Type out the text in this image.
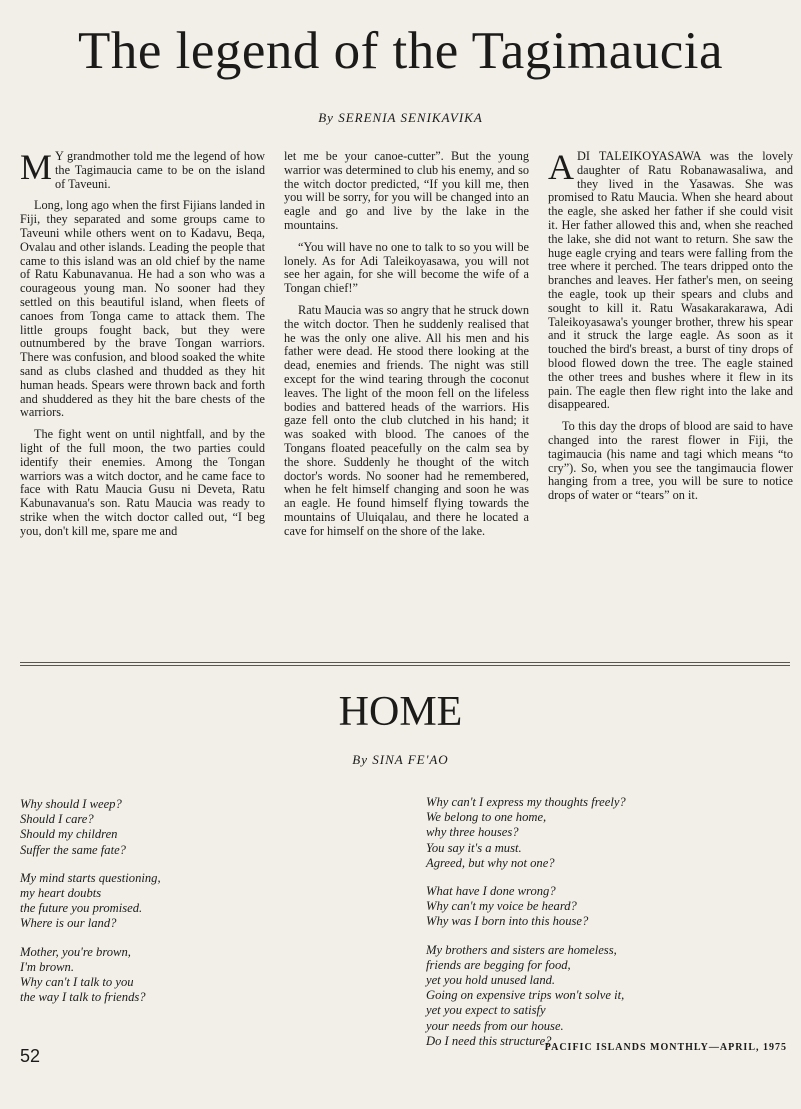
The legend of the Tagimaucia
By SERENIA SENIKAVIKA

M Y grandmother told me the legend of how the Tagimaucia came to be on the island of Taveuni.

Long, long ago when the first Fijians landed in Fiji, they separated and some groups came to Taveuni while others went on to Kadavu, Beqa, Ovalau and other islands. Leading the people that came to this island was an old chief by the name of Ratu Kabunavanua. He had a son who was a courageous young man. No sooner had they settled on this beautiful island, when fleets of canoes from Tonga came to attack them. The little groups fought back, but they were outnumbered by the brave Tongan warriors. There was confusion, and blood soaked the white sand as clubs clashed and thudded as they hit human heads. Spears were thrown back and forth and shuddered as they hit the bare chests of the warriors.

The fight went on until nightfall, and by the light of the full moon, the two parties could identify their enemies. Among the Tongan warriors was a witch doctor, and he came face to face with Ratu Maucia Gusu ni Deveta, Ratu Kabunavanua's son. Ratu Maucia was ready to strike when the witch doctor called out, “I beg you, don't kill me, spare me and

let me be your canoe-cutter”. But the young warrior was determined to club his enemy, and so the witch doctor predicted, “If you kill me, then you will be sorry, for you will be changed into an eagle and go and live by the lake in the mountains.

“You will have no one to talk to so you will be lonely. As for Adi Taleikoyasawa, you will not see her again, for she will become the wife of a Tongan chief!”

Ratu Maucia was so angry that he struck down the witch doctor. Then he suddenly realised that he was the only one alive. All his men and his father were dead. He stood there looking at the dead, enemies and friends. The night was still except for the wind tearing through the coconut leaves. The light of the moon fell on the lifeless bodies and battered heads of the warriors. His gaze fell onto the club clutched in his hand; it was soaked with blood. The canoes of the Tongans floated peacefully on the calm sea by the shore. Suddenly he thought of the witch doctor's words. No sooner had he remembered, when he felt himself changing and soon he was an eagle. He found himself flying towards the mountains of Uluiqalau, and there he located a cave for himself on the shore of the lake.

ADI TALEIKOYASAWA was the lovely daughter of Ratu Robanawasaliwa, and they lived in the Yasawas. She was promised to Ratu Maucia. When she heard about the eagle, she asked her father if she could visit it. Her father allowed this and, when she reached the lake, she did not want to return. She saw the huge eagle crying and tears were falling from the tree where it perched. The tears dripped onto the branches and leaves. Her father's men, on seeing the eagle, took up their spears and clubs and sought to kill it. Ratu Wasakarakarawa, Adi Taleikoyasawa's younger brother, threw his spear and it struck the large eagle. As soon as it touched the bird's breast, a burst of tiny drops of blood flowed down the tree. The eagle stained the other trees and bushes where it flew in its pain. The eagle then flew right into the lake and disappeared.

To this day the drops of blood are said to have changed into the rarest flower in Fiji, the tagimaucia (his name and tagi which means “to cry”). So, when you see the tangimaucia flower hanging from a tree, you will be sure to notice drops of water or “tears” on it.

HOME
By SINA FE'AO
Why should I weep?
Should I care?
Should my children
Suffer the same fate?
My mind starts questioning,
my heart doubts
the future you promised.
Where is our land?
Mother, you're brown,
I'm brown.
Why can't I talk to you
the way I talk to friends?
Why can't I express my thoughts freely?
We belong to one home,
why three houses?
You say it's a must.
Agreed, but why not one?
What have I done wrong?
Why can't my voice be heard?
Why was I born into this house?
My brothers and sisters are homeless,
friends are begging for food,
yet you hold unused land.
Going on expensive trips won't solve it,
yet you expect to satisfy
your needs from our house.
Do I need this structure?
52	PACIFIC ISLANDS MONTHLY—APRIL, 1975
